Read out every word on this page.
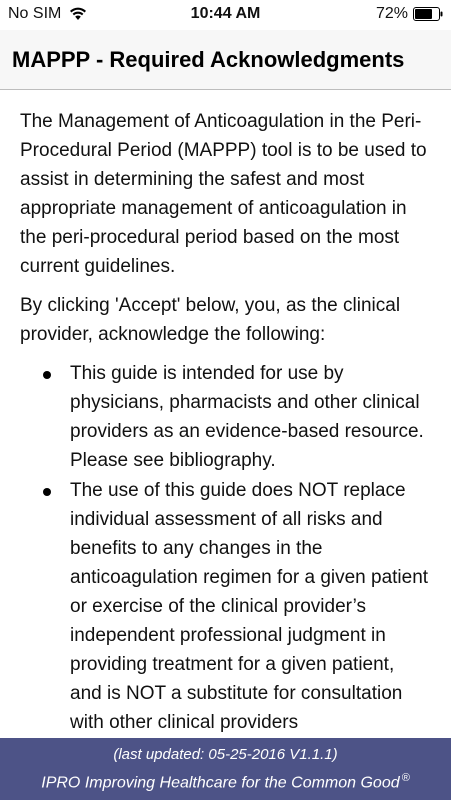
No SIM	10:44 AM	72%
MAPPP - Required Acknowledgments

The Management of Anticoagulation in the Peri-Procedural Period (MAPPP) tool is to be used to assist in determining the safest and most appropriate management of anticoagulation in the peri-procedural period based on the most current guidelines.

By clicking 'Accept' below, you, as the clinical provider, acknowledge the following:

This guide is intended for use by physicians, pharmacists and other clinical providers as an evidence-based resource. Please see bibliography.
The use of this guide does NOT replace individual assessment of all risks and benefits to any changes in the anticoagulation regimen for a given patient or exercise of the clinical provider’s independent professional judgment in providing treatment for a given patient, and is NOT a substitute for consultation with other clinical providers
(last updated: 05-25-2016 V1.1.1)
IPRO Improving Healthcare for the Common Good ®
